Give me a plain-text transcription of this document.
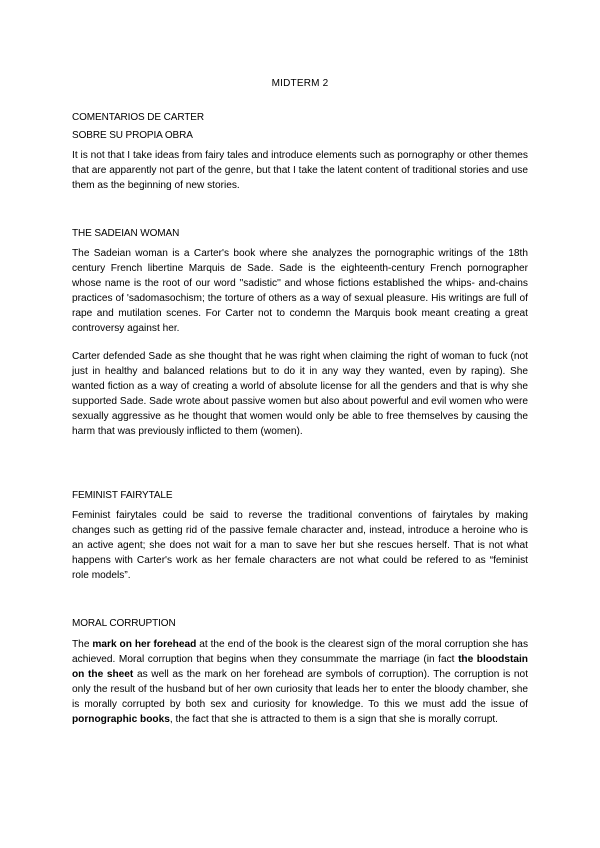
MIDTERM 2
COMENTARIOS DE CARTER
SOBRE SU PROPIA OBRA
It is not that I take ideas from fairy tales and introduce elements such as pornography or other themes that are apparently not part of the genre, but that I take the latent content of traditional stories and use them as the beginning of new stories.
THE SADEIAN WOMAN
The Sadeian woman is a Carter's book where she analyzes the pornographic writings of the 18th century French libertine Marquis de Sade. Sade is the eighteenth-century French pornographer whose name is the root of our word ''sadistic'' and whose fictions established the whips- and-chains practices of 'sadomasochism; the torture of others as a way of sexual pleasure. His writings are full of rape and mutilation scenes. For Carter not to condemn the Marquis book meant creating a great controversy against her.
Carter defended Sade as she thought that he was right when claiming the right of woman to fuck (not just in healthy and balanced relations but to do it in any way they wanted, even by raping). She wanted fiction as a way of creating a world of absolute license for all the genders and that is why she supported Sade. Sade wrote about passive women but also about powerful and evil women who were sexually aggressive as he thought that women would only be able to free themselves by causing the harm that was previously inflicted to them (women).
FEMINIST FAIRYTALE
Feminist fairytales could be said to reverse the traditional conventions of fairytales by making changes such as getting rid of the passive female character and, instead, introduce a heroine who is an active agent; she does not wait for a man to save her but she rescues herself. That is not what happens with Carter's work as her female characters are not what could be refered to as “feminist role models”.
MORAL CORRUPTION
The mark on her forehead at the end of the book is the clearest sign of the moral corruption she has achieved. Moral corruption that begins when they consummate the marriage (in fact the bloodstain on the sheet as well as the mark on her forehead are symbols of corruption). The corruption is not only the result of the husband but of her own curiosity that leads her to enter the bloody chamber, she is morally corrupted by both sex and curiosity for knowledge. To this we must add the issue of pornographic books, the fact that she is attracted to them is a sign that she is morally corrupt.
